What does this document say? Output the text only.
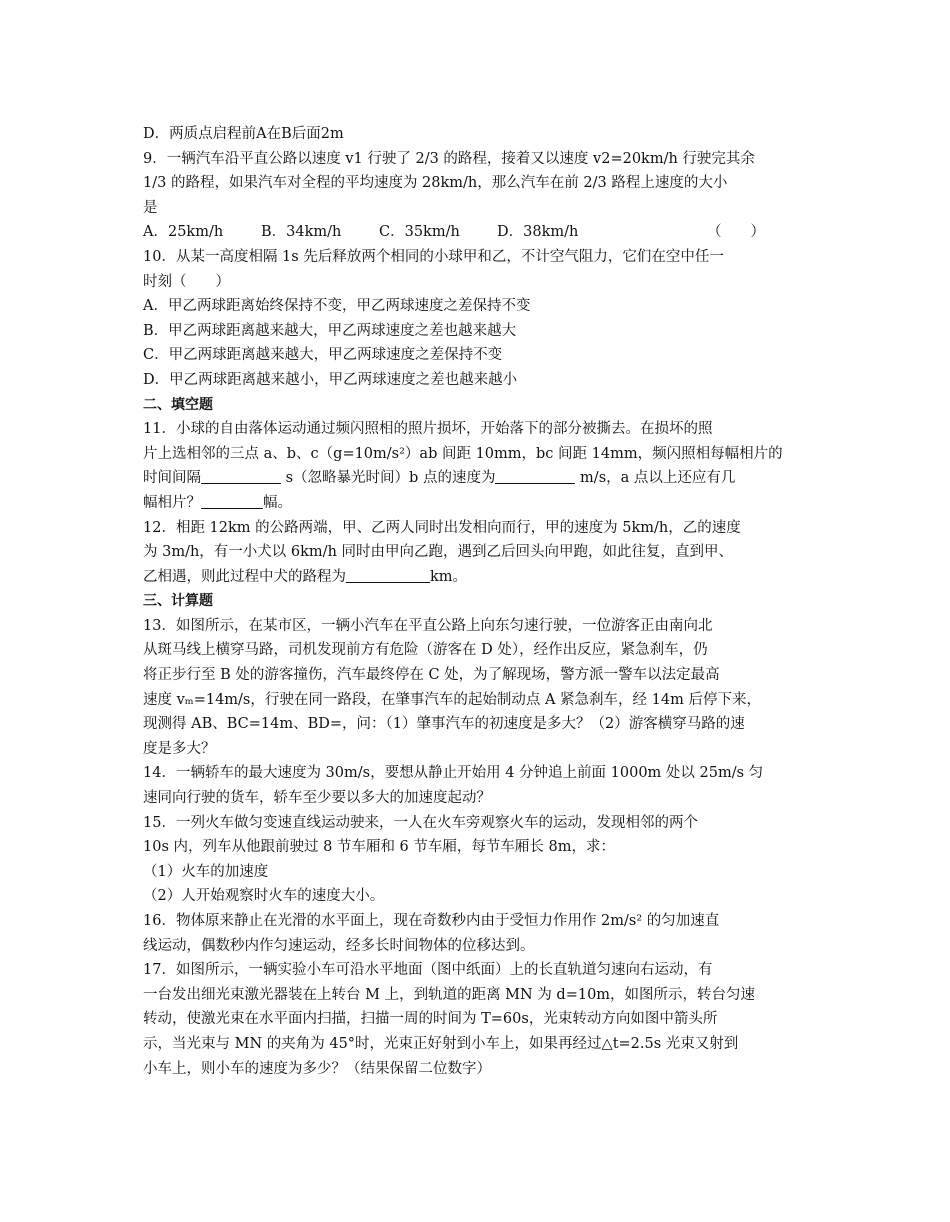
D．两质点启程前A在B后面2m
9．一辆汽车沿平直公路以速度 v1 行驶了 2/3 的路程，接着又以速度 v2=20km/h 行驶完其余
1/3 的路程，如果汽车对全程的平均速度为 28km/h，那么汽车在前 2/3 路程上速度的大小
是
A．25km/h	B．34km/h	C．35km/h	D．38km/h	（　　）
10．从某一高度相隔 1s 先后释放两个相同的小球甲和乙，不计空气阻力，它们在空中任一
时刻（　　）
A．甲乙两球距离始终保持不变，甲乙两球速度之差保持不变
B．甲乙两球距离越来越大，甲乙两球速度之差也越来越大
C．甲乙两球距离越来越大，甲乙两球速度之差保持不变
D．甲乙两球距离越来越小，甲乙两球速度之差也越来越小
二、填空题
11．小球的自由落体运动通过频闪照相的照片损坏，开始落下的部分被撕去。在损坏的照
片上选相邻的三点 a、b、c（g=10m/s²）ab 间距 10mm，bc 间距 14mm，频闪照相每幅相片的
时间间隔	s（忽略暴光时间）b 点的速度为	m/s，a 点以上还应有几
幅相片？	幅。
12．相距 12km 的公路两端，甲、乙两人同时出发相向而行，甲的速度为 5km/h，乙的速度
为 3m/h，有一小犬以 6km/h 同时由甲向乙跑，遇到乙后回头向甲跑，如此往复，直到甲、
乙相遇，则此过程中犬的路程为	km。
三、计算题
13．如图所示，在某市区，一辆小汽车在平直公路上向东匀速行驶，一位游客正由南向北
从斑马线上横穿马路，司机发现前方有危险（游客在 D 处），经作出反应，紧急刹车，仍
将正步行至 B 处的游客撞伤，汽车最终停在 C 处，为了解现场，警方派一警车以法定最高
速度 vₘ=14m/s，行驶在同一路段，在肇事汽车的起始制动点 A 紧急刹车，经 14m 后停下来，
现测得 AB、BC=14m、BD=，问：（1）肇事汽车的初速度是多大？（2）游客横穿马路的速
度是多大？
14．一辆轿车的最大速度为 30m/s，要想从静止开始用 4 分钟追上前面 1000m 处以 25m/s 匀
速同向行驶的货车，轿车至少要以多大的加速度起动？
15．一列火车做匀变速直线运动驶来，一人在火车旁观察火车的运动，发现相邻的两个
10s 内，列车从他跟前驶过 8 节车厢和 6 节车厢，每节车厢长 8m，求：
（1）火车的加速度
（2）人开始观察时火车的速度大小。
16．物体原来静止在光滑的水平面上，现在奇数秒内由于受恒力作用作 2m/s² 的匀加速直
线运动，偶数秒内作匀速运动，经多长时间物体的位移达到。
17．如图所示，一辆实验小车可沿水平地面（图中纸面）上的长直轨道匀速向右运动，有
一台发出细光束激光器装在上转台 M 上，到轨道的距离 MN 为 d=10m，如图所示，转台匀速
转动，使激光束在水平面内扫描，扫描一周的时间为 T=60s，光束转动方向如图中箭头所
示，当光束与 MN 的夹角为 45°时，光束正好射到小车上，如果再经过△t=2.5s 光束又射到
小车上，则小车的速度为多少？（结果保留二位数字）
